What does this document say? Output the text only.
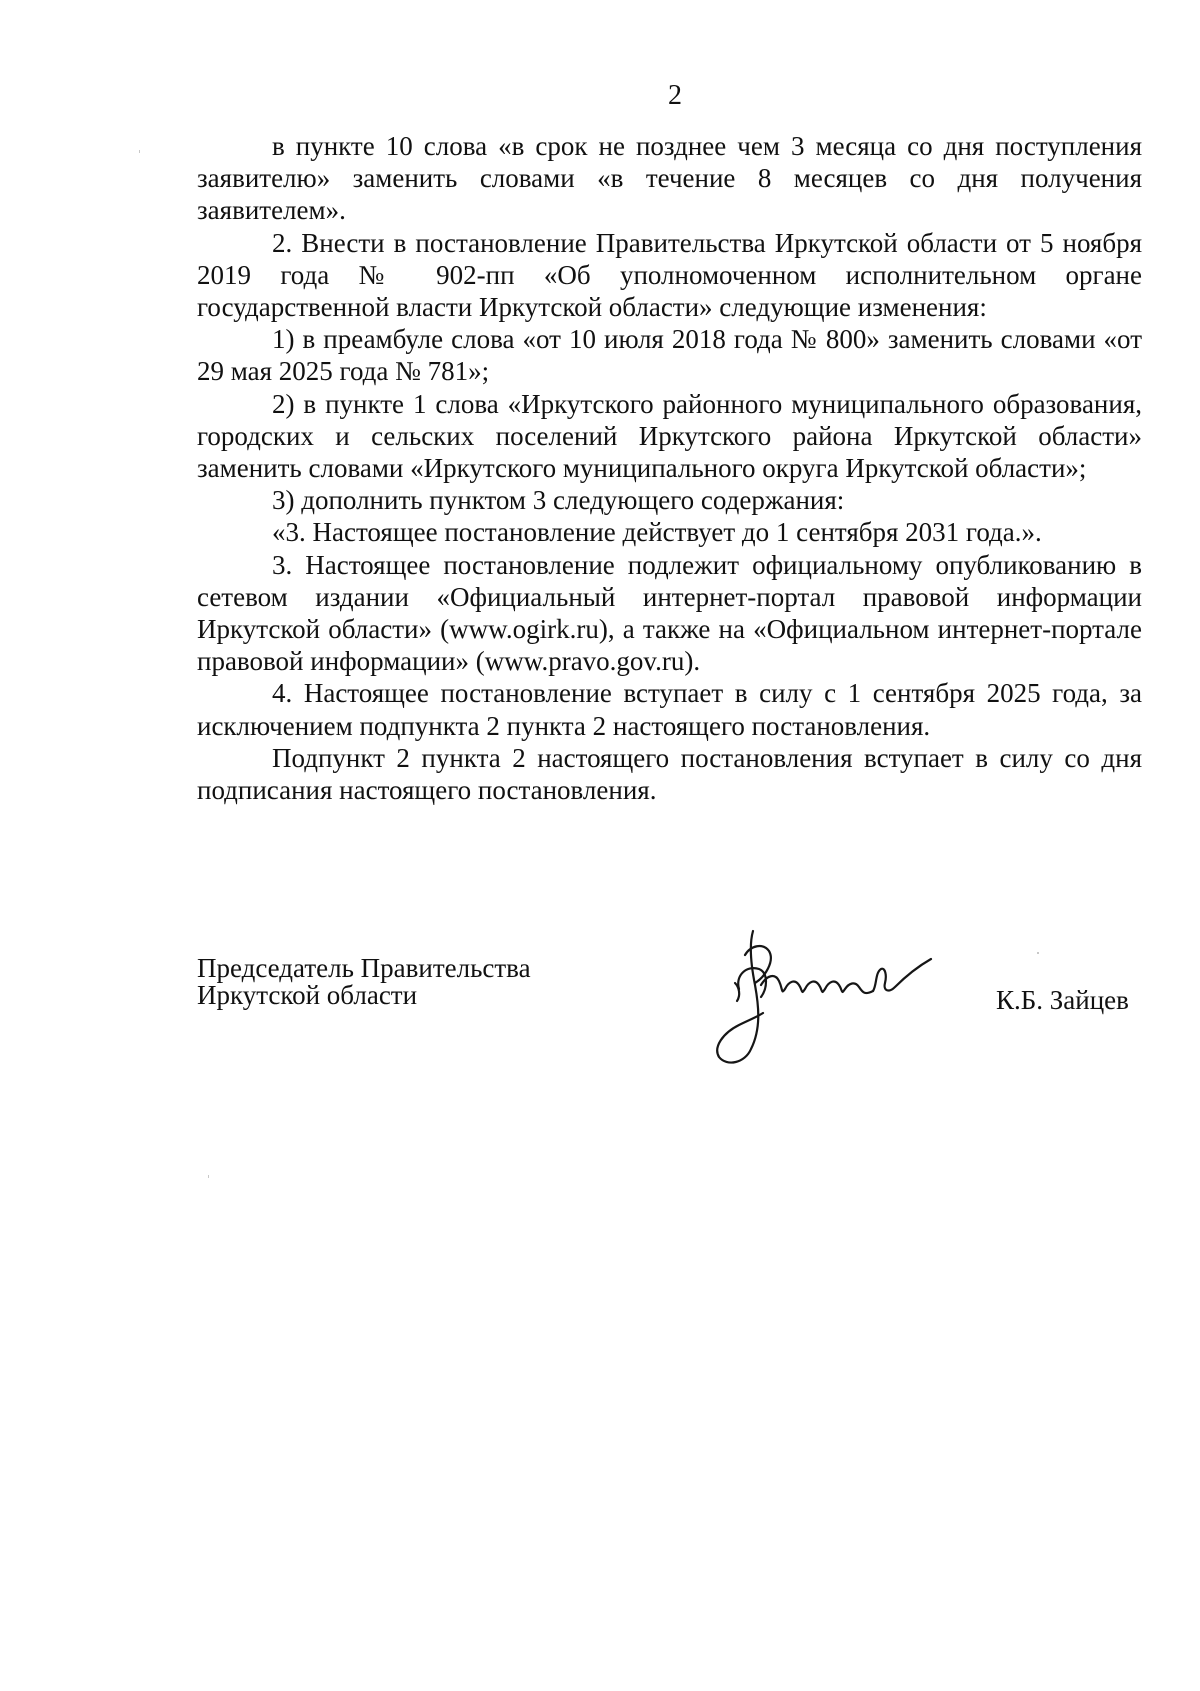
2

в пункте 10 слова «в срок не позднее чем 3 месяца со дня поступления заявителю» заменить словами «в течение 8 месяцев со дня получения заявителем».

2. Внести в постановление Правительства Иркутской области от 5 ноября 2019 года № 902-пп «Об уполномоченном исполнительном органе государственной власти Иркутской области» следующие изменения:

1) в преамбуле слова «от 10 июля 2018 года № 800» заменить словами «от 29 мая 2025 года № 781»;

2) в пункте 1 слова «Иркутского районного муниципального образования, городских и сельских поселений Иркутского района Иркутской области» заменить словами «Иркутского муниципального округа Иркутской области»;

3) дополнить пунктом 3 следующего содержания:

«3. Настоящее постановление действует до 1 сентября 2031 года.».

3. Настоящее постановление подлежит официальному опубликованию в сетевом издании «Официальный интернет-портал правовой информации Иркутской области» (www.ogirk.ru), а также на «Официальном интернет-портале правовой информации» (www.pravo.gov.ru).

4. Настоящее постановление вступает в силу с 1 сентября 2025 года, за исключением подпункта 2 пункта 2 настоящего постановления.

Подпункт 2 пункта 2 настоящего постановления вступает в силу со дня подписания настоящего постановления.

Председатель Правительства
Иркутской области	К.Б. Зайцев
